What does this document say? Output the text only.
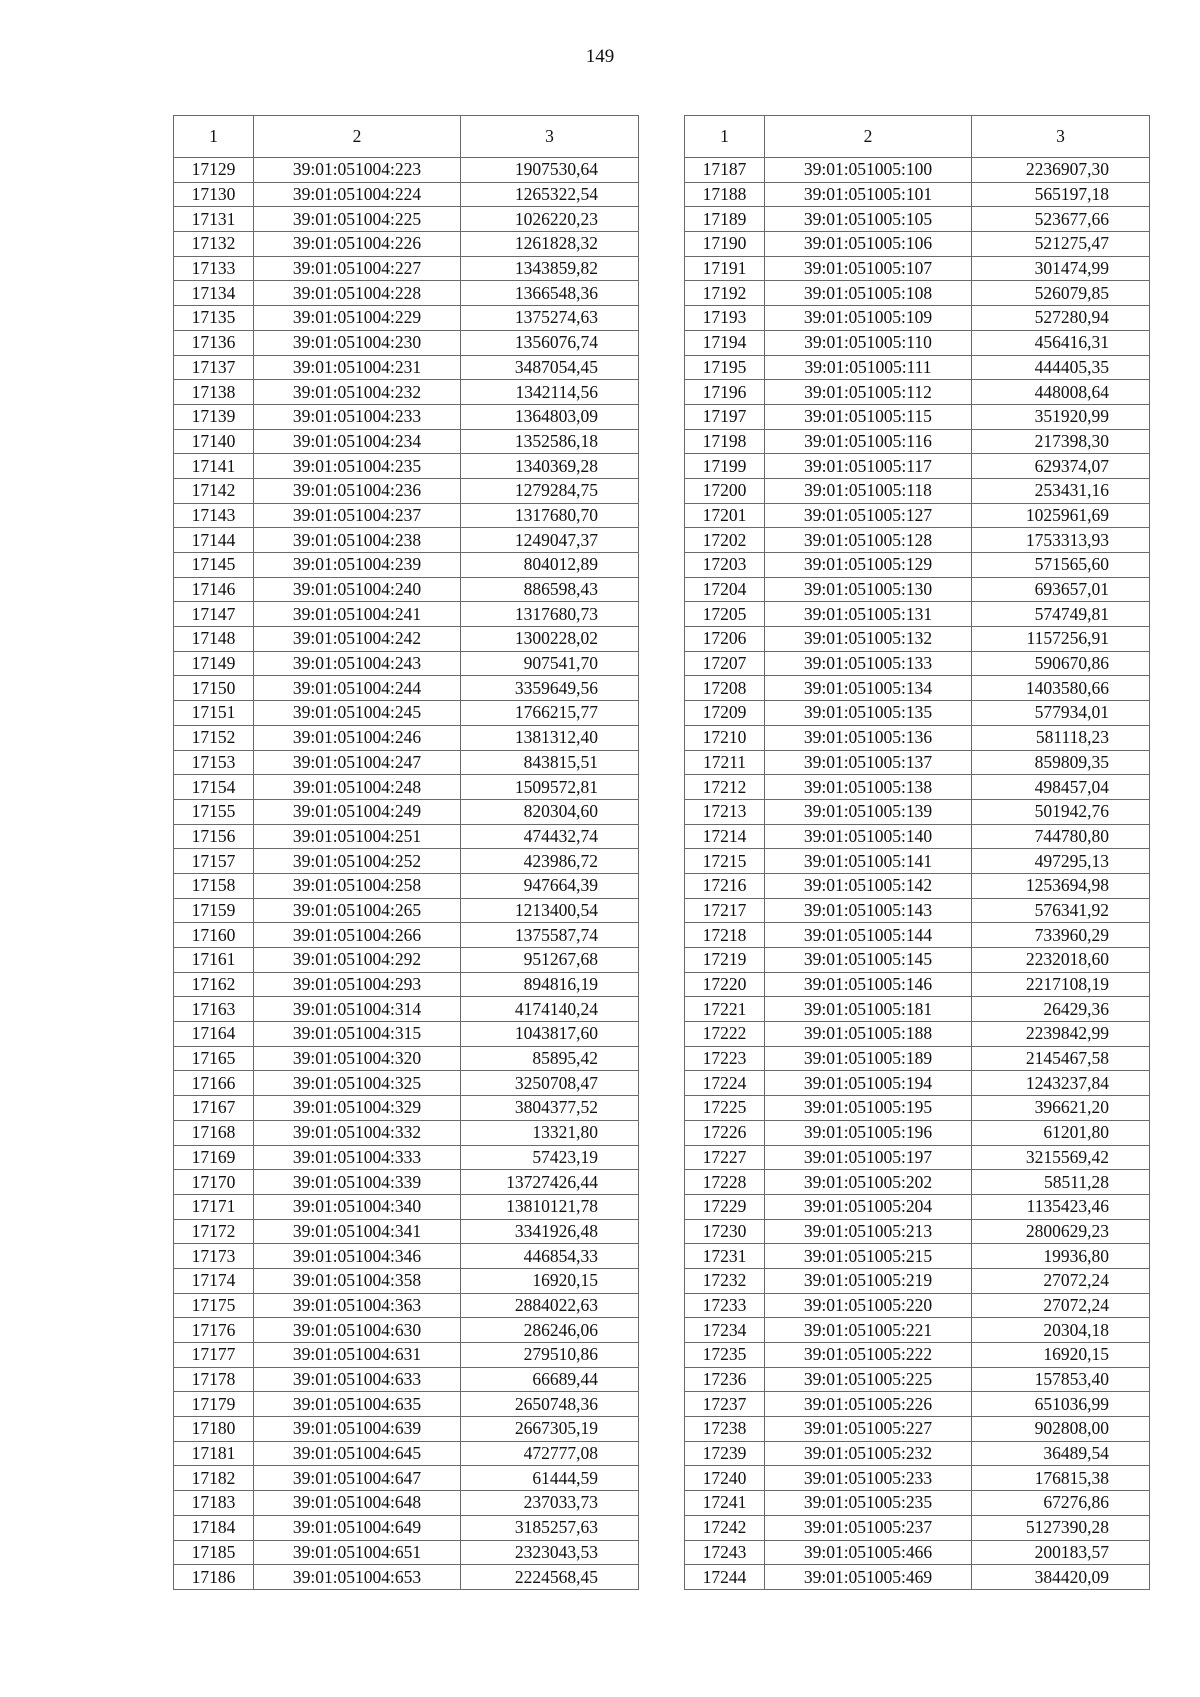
149
1	2	3
17129	39:01:051004:223	1907530,64
17130	39:01:051004:224	1265322,54
17131	39:01:051004:225	1026220,23
17132	39:01:051004:226	1261828,32
17133	39:01:051004:227	1343859,82
17134	39:01:051004:228	1366548,36
17135	39:01:051004:229	1375274,63
17136	39:01:051004:230	1356076,74
17137	39:01:051004:231	3487054,45
17138	39:01:051004:232	1342114,56
17139	39:01:051004:233	1364803,09
17140	39:01:051004:234	1352586,18
17141	39:01:051004:235	1340369,28
17142	39:01:051004:236	1279284,75
17143	39:01:051004:237	1317680,70
17144	39:01:051004:238	1249047,37
17145	39:01:051004:239	804012,89
17146	39:01:051004:240	886598,43
17147	39:01:051004:241	1317680,73
17148	39:01:051004:242	1300228,02
17149	39:01:051004:243	907541,70
17150	39:01:051004:244	3359649,56
17151	39:01:051004:245	1766215,77
17152	39:01:051004:246	1381312,40
17153	39:01:051004:247	843815,51
17154	39:01:051004:248	1509572,81
17155	39:01:051004:249	820304,60
17156	39:01:051004:251	474432,74
17157	39:01:051004:252	423986,72
17158	39:01:051004:258	947664,39
17159	39:01:051004:265	1213400,54
17160	39:01:051004:266	1375587,74
17161	39:01:051004:292	951267,68
17162	39:01:051004:293	894816,19
17163	39:01:051004:314	4174140,24
17164	39:01:051004:315	1043817,60
17165	39:01:051004:320	85895,42
17166	39:01:051004:325	3250708,47
17167	39:01:051004:329	3804377,52
17168	39:01:051004:332	13321,80
17169	39:01:051004:333	57423,19
17170	39:01:051004:339	13727426,44
17171	39:01:051004:340	13810121,78
17172	39:01:051004:341	3341926,48
17173	39:01:051004:346	446854,33
17174	39:01:051004:358	16920,15
17175	39:01:051004:363	2884022,63
17176	39:01:051004:630	286246,06
17177	39:01:051004:631	279510,86
17178	39:01:051004:633	66689,44
17179	39:01:051004:635	2650748,36
17180	39:01:051004:639	2667305,19
17181	39:01:051004:645	472777,08
17182	39:01:051004:647	61444,59
17183	39:01:051004:648	237033,73
17184	39:01:051004:649	3185257,63
17185	39:01:051004:651	2323043,53
17186	39:01:051004:653	2224568,45
1	2	3
17187	39:01:051005:100	2236907,30
17188	39:01:051005:101	565197,18
17189	39:01:051005:105	523677,66
17190	39:01:051005:106	521275,47
17191	39:01:051005:107	301474,99
17192	39:01:051005:108	526079,85
17193	39:01:051005:109	527280,94
17194	39:01:051005:110	456416,31
17195	39:01:051005:111	444405,35
17196	39:01:051005:112	448008,64
17197	39:01:051005:115	351920,99
17198	39:01:051005:116	217398,30
17199	39:01:051005:117	629374,07
17200	39:01:051005:118	253431,16
17201	39:01:051005:127	1025961,69
17202	39:01:051005:128	1753313,93
17203	39:01:051005:129	571565,60
17204	39:01:051005:130	693657,01
17205	39:01:051005:131	574749,81
17206	39:01:051005:132	1157256,91
17207	39:01:051005:133	590670,86
17208	39:01:051005:134	1403580,66
17209	39:01:051005:135	577934,01
17210	39:01:051005:136	581118,23
17211	39:01:051005:137	859809,35
17212	39:01:051005:138	498457,04
17213	39:01:051005:139	501942,76
17214	39:01:051005:140	744780,80
17215	39:01:051005:141	497295,13
17216	39:01:051005:142	1253694,98
17217	39:01:051005:143	576341,92
17218	39:01:051005:144	733960,29
17219	39:01:051005:145	2232018,60
17220	39:01:051005:146	2217108,19
17221	39:01:051005:181	26429,36
17222	39:01:051005:188	2239842,99
17223	39:01:051005:189	2145467,58
17224	39:01:051005:194	1243237,84
17225	39:01:051005:195	396621,20
17226	39:01:051005:196	61201,80
17227	39:01:051005:197	3215569,42
17228	39:01:051005:202	58511,28
17229	39:01:051005:204	1135423,46
17230	39:01:051005:213	2800629,23
17231	39:01:051005:215	19936,80
17232	39:01:051005:219	27072,24
17233	39:01:051005:220	27072,24
17234	39:01:051005:221	20304,18
17235	39:01:051005:222	16920,15
17236	39:01:051005:225	157853,40
17237	39:01:051005:226	651036,99
17238	39:01:051005:227	902808,00
17239	39:01:051005:232	36489,54
17240	39:01:051005:233	176815,38
17241	39:01:051005:235	67276,86
17242	39:01:051005:237	5127390,28
17243	39:01:051005:466	200183,57
17244	39:01:051005:469	384420,09
